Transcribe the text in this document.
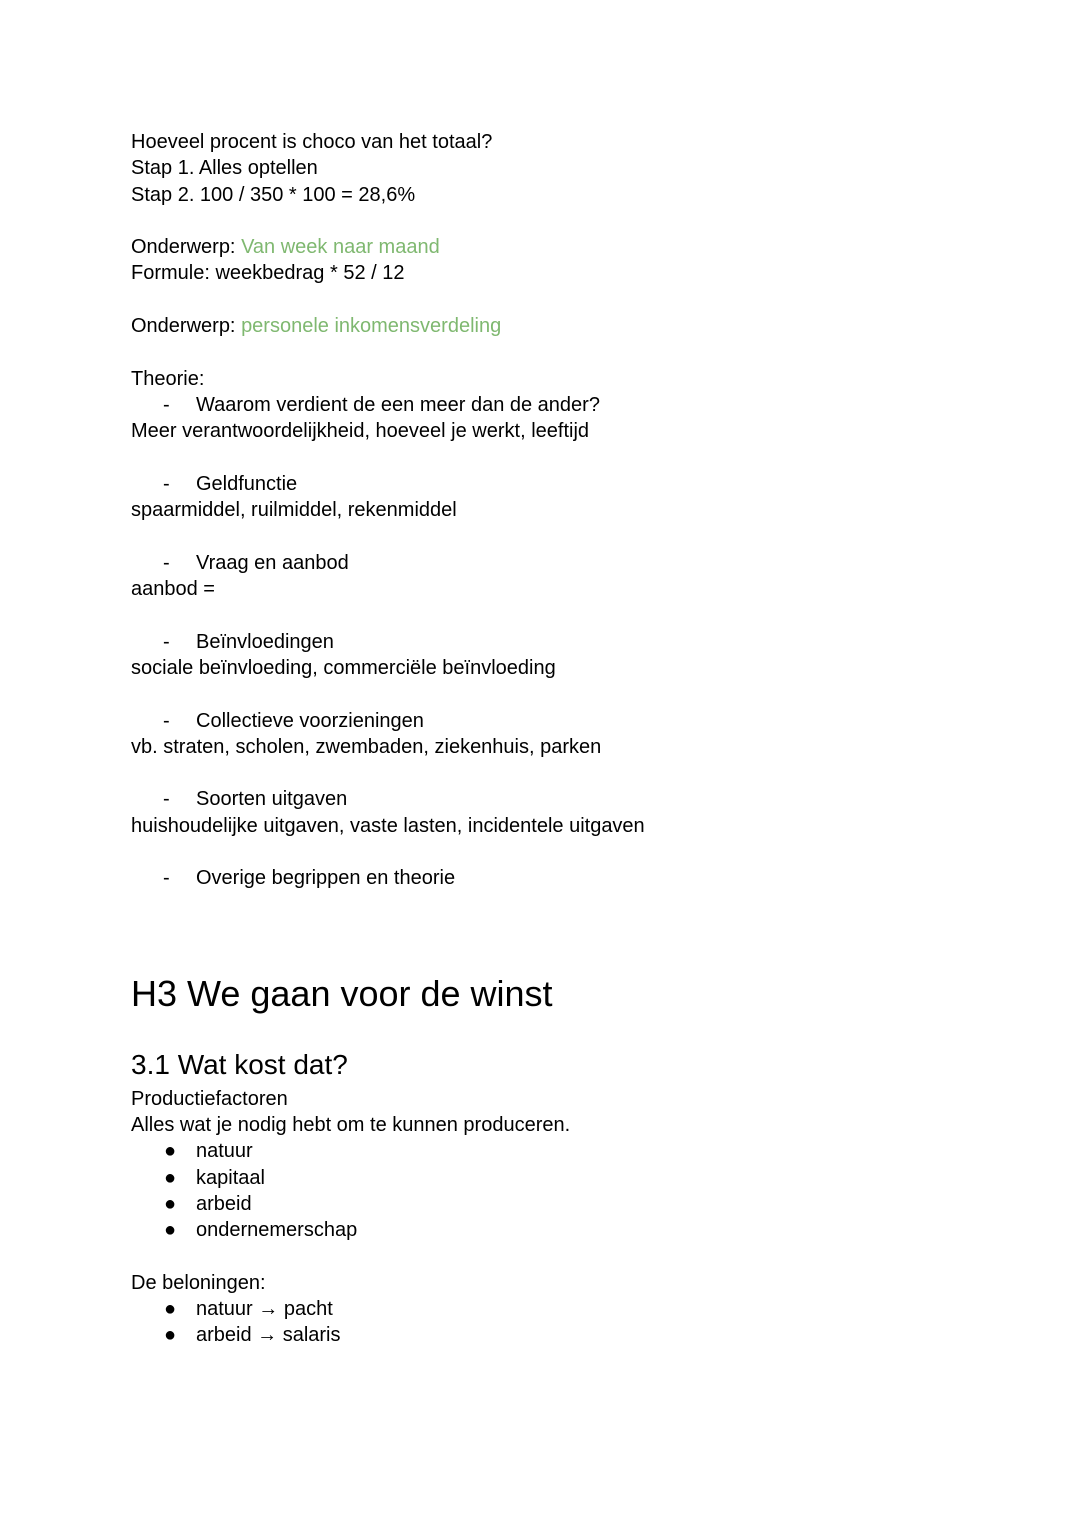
Hoeveel procent is choco van het totaal?
Stap 1. Alles optellen
Stap 2. 100 / 350 * 100 = 28,6%
Onderwerp: Van week naar maand
Formule: weekbedrag * 52 / 12
Onderwerp: personele inkomensverdeling
Theorie:
- Waarom verdient de een meer dan de ander?
Meer verantwoordelijkheid, hoeveel je werkt, leeftijd
- Geldfunctie
spaarmiddel, ruilmiddel, rekenmiddel
- Vraag en aanbod
aanbod =
- Beïnvloedingen
sociale beïnvloeding, commerciële beïnvloeding
- Collectieve voorzieningen
vb. straten, scholen, zwembaden, ziekenhuis, parken
- Soorten uitgaven
huishoudelijke uitgaven, vaste lasten, incidentele uitgaven
- Overige begrippen en theorie
H3 We gaan voor de winst
3.1 Wat kost dat?
Productiefactoren
Alles wat je nodig hebt om te kunnen produceren.
● natuur
● kapitaal
● arbeid
● ondernemerschap
De beloningen:
● natuur → pacht
● arbeid → salaris
